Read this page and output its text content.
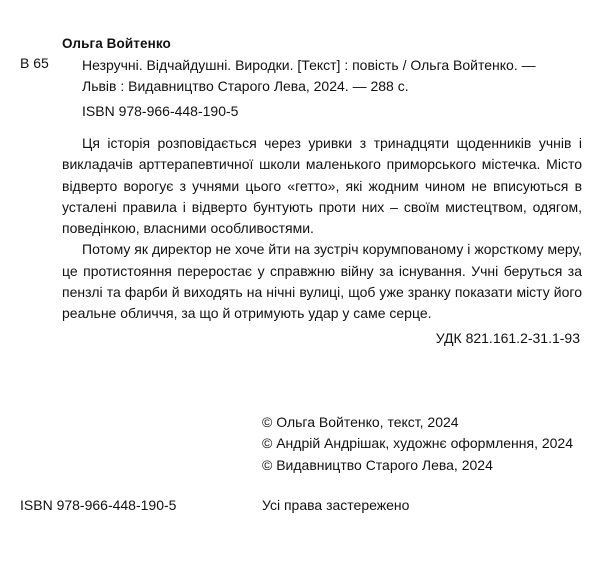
Ольга Войтенко
В 65 Незручні. Відчайдушні. Виродки. [Текст] : повість / Ольга Войтенко. —
Львів : Видавництво Старого Лева, 2024. — 288 с.
ISBN 978-966-448-190-5

Ця історія розповідається через уривки з тринадцяти щоденників учнів і викладачів арттерапевтичної школи маленького приморського містечка. Місто відверто ворогує з учнями цього «гетто», які жодним чином не вписуються в усталені правила і відверто бунтують проти них – своїм мистецтвом, одягом, поведінкою, власними особливостями.

Потому як директор не хоче йти на зустріч корумпованому і жорсткому меру, це протистояння переростає у справжню війну за існування. Учні беруться за пензлі та фарби й виходять на нічні вулиці, щоб уже зранку показати місту його реальне обличчя, за що й отримують удар у саме серце.

УДК 821.161.2-31.1-93
© Ольга Войтенко, текст, 2024
© Андрій Андрішак, художнє оформлення, 2024
© Видавництво Старого Лева, 2024
ISBN 978-966-448-190-5	Усі права застережено
